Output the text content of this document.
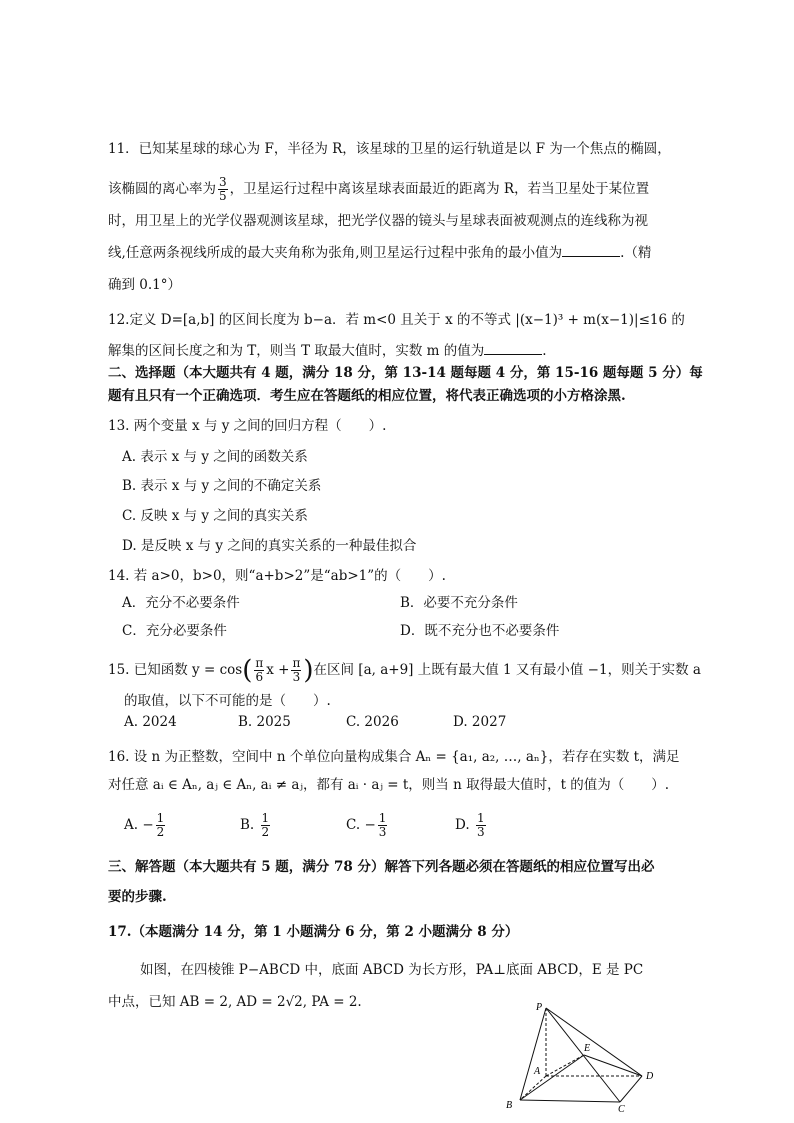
11．已知某星球的球心为 F，半径为 R，该星球的卫星的运行轨道是以 F 为一个焦点的椭圆，
该椭圆的离心率为 $\frac{3}{5}$ ，卫星运行过程中离该星球表面最近的距离为 R，若当卫星处于某位置
时，用卫星上的光学仪器观测该星球，把光学仪器的镜头与星球表面被观测点的连线称为视
线,任意两条视线所成的最大夹角称为张角,则卫星运行过程中张角的最小值为	.（精
确到 0.1°）
12.定义 D=[a,b] 的区间长度为 b−a．若 m<0 且关于 x 的不等式 |(x−1)³ + m(x−1)|≤16 的
解集的区间长度之和为 T，则当 T 取最大值时，实数 m 的值为	.
二、选择题（本大题共有 4 题，满分 18 分，第 13-14 题每题 4 分，第 15-16 题每题 5 分）每
题有且只有一个正确选项．考生应在答题纸的相应位置，将代表正确选项的小方格涂黑.
13. 两个变量 x 与 y 之间的回归方程（　　）.
A. 表示 x 与 y 之间的函数关系
B. 表示 x 与 y 之间的不确定关系
C. 反映 x 与 y 之间的真实关系
D. 是反映 x 与 y 之间的真实关系的一种最佳拟合
14. 若 a>0，b>0，则“a+b>2”是“ab>1”的（　　）.
A．充分不必要条件	B．必要不充分条件
C．充分必要条件	D．既不充分也不必要条件
15. 已知函数 $y = \cos( \frac{\pi}{6}$ $x + \frac{\pi}{3}$ )在区间 [a, a+9] 上既有最大值 1 又有最小值 −1，则关于实数 a
的取值，以下不可能的是（　　）.
A. 2024	B. 2025	C. 2026	D. 2027
16. 设 n 为正整数，空间中 n 个单位向量构成集合 Aₙ = {a₁, a₂, …, aₙ}，若存在实数 t，满足
对任意 aᵢ ∈ Aₙ, aⱼ ∈ Aₙ, aᵢ ≠ aⱼ，都有 aᵢ · aⱼ = t，则当 n 取得最大值时，t 的值为（　　）.
A. − $\frac{1}{2}$	B. $\frac{1}{2}$	C. − $\frac{1}{3}$	D. $\frac{1}{3}$
三、解答题（本大题共有 5 题，满分 78 分）解答下列各题必须在答题纸的相应位置写出必
要的步骤.
17.（本题满分 14 分，第 1 小题满分 6 分，第 2 小题满分 8 分）
如图，在四棱锥 P−ABCD 中，底面 ABCD 为长方形，PA⊥底面 ABCD，E 是 PC
中点，已知 AB = 2, AD = 2√2, PA = 2.	P
E
A	D
B	C
